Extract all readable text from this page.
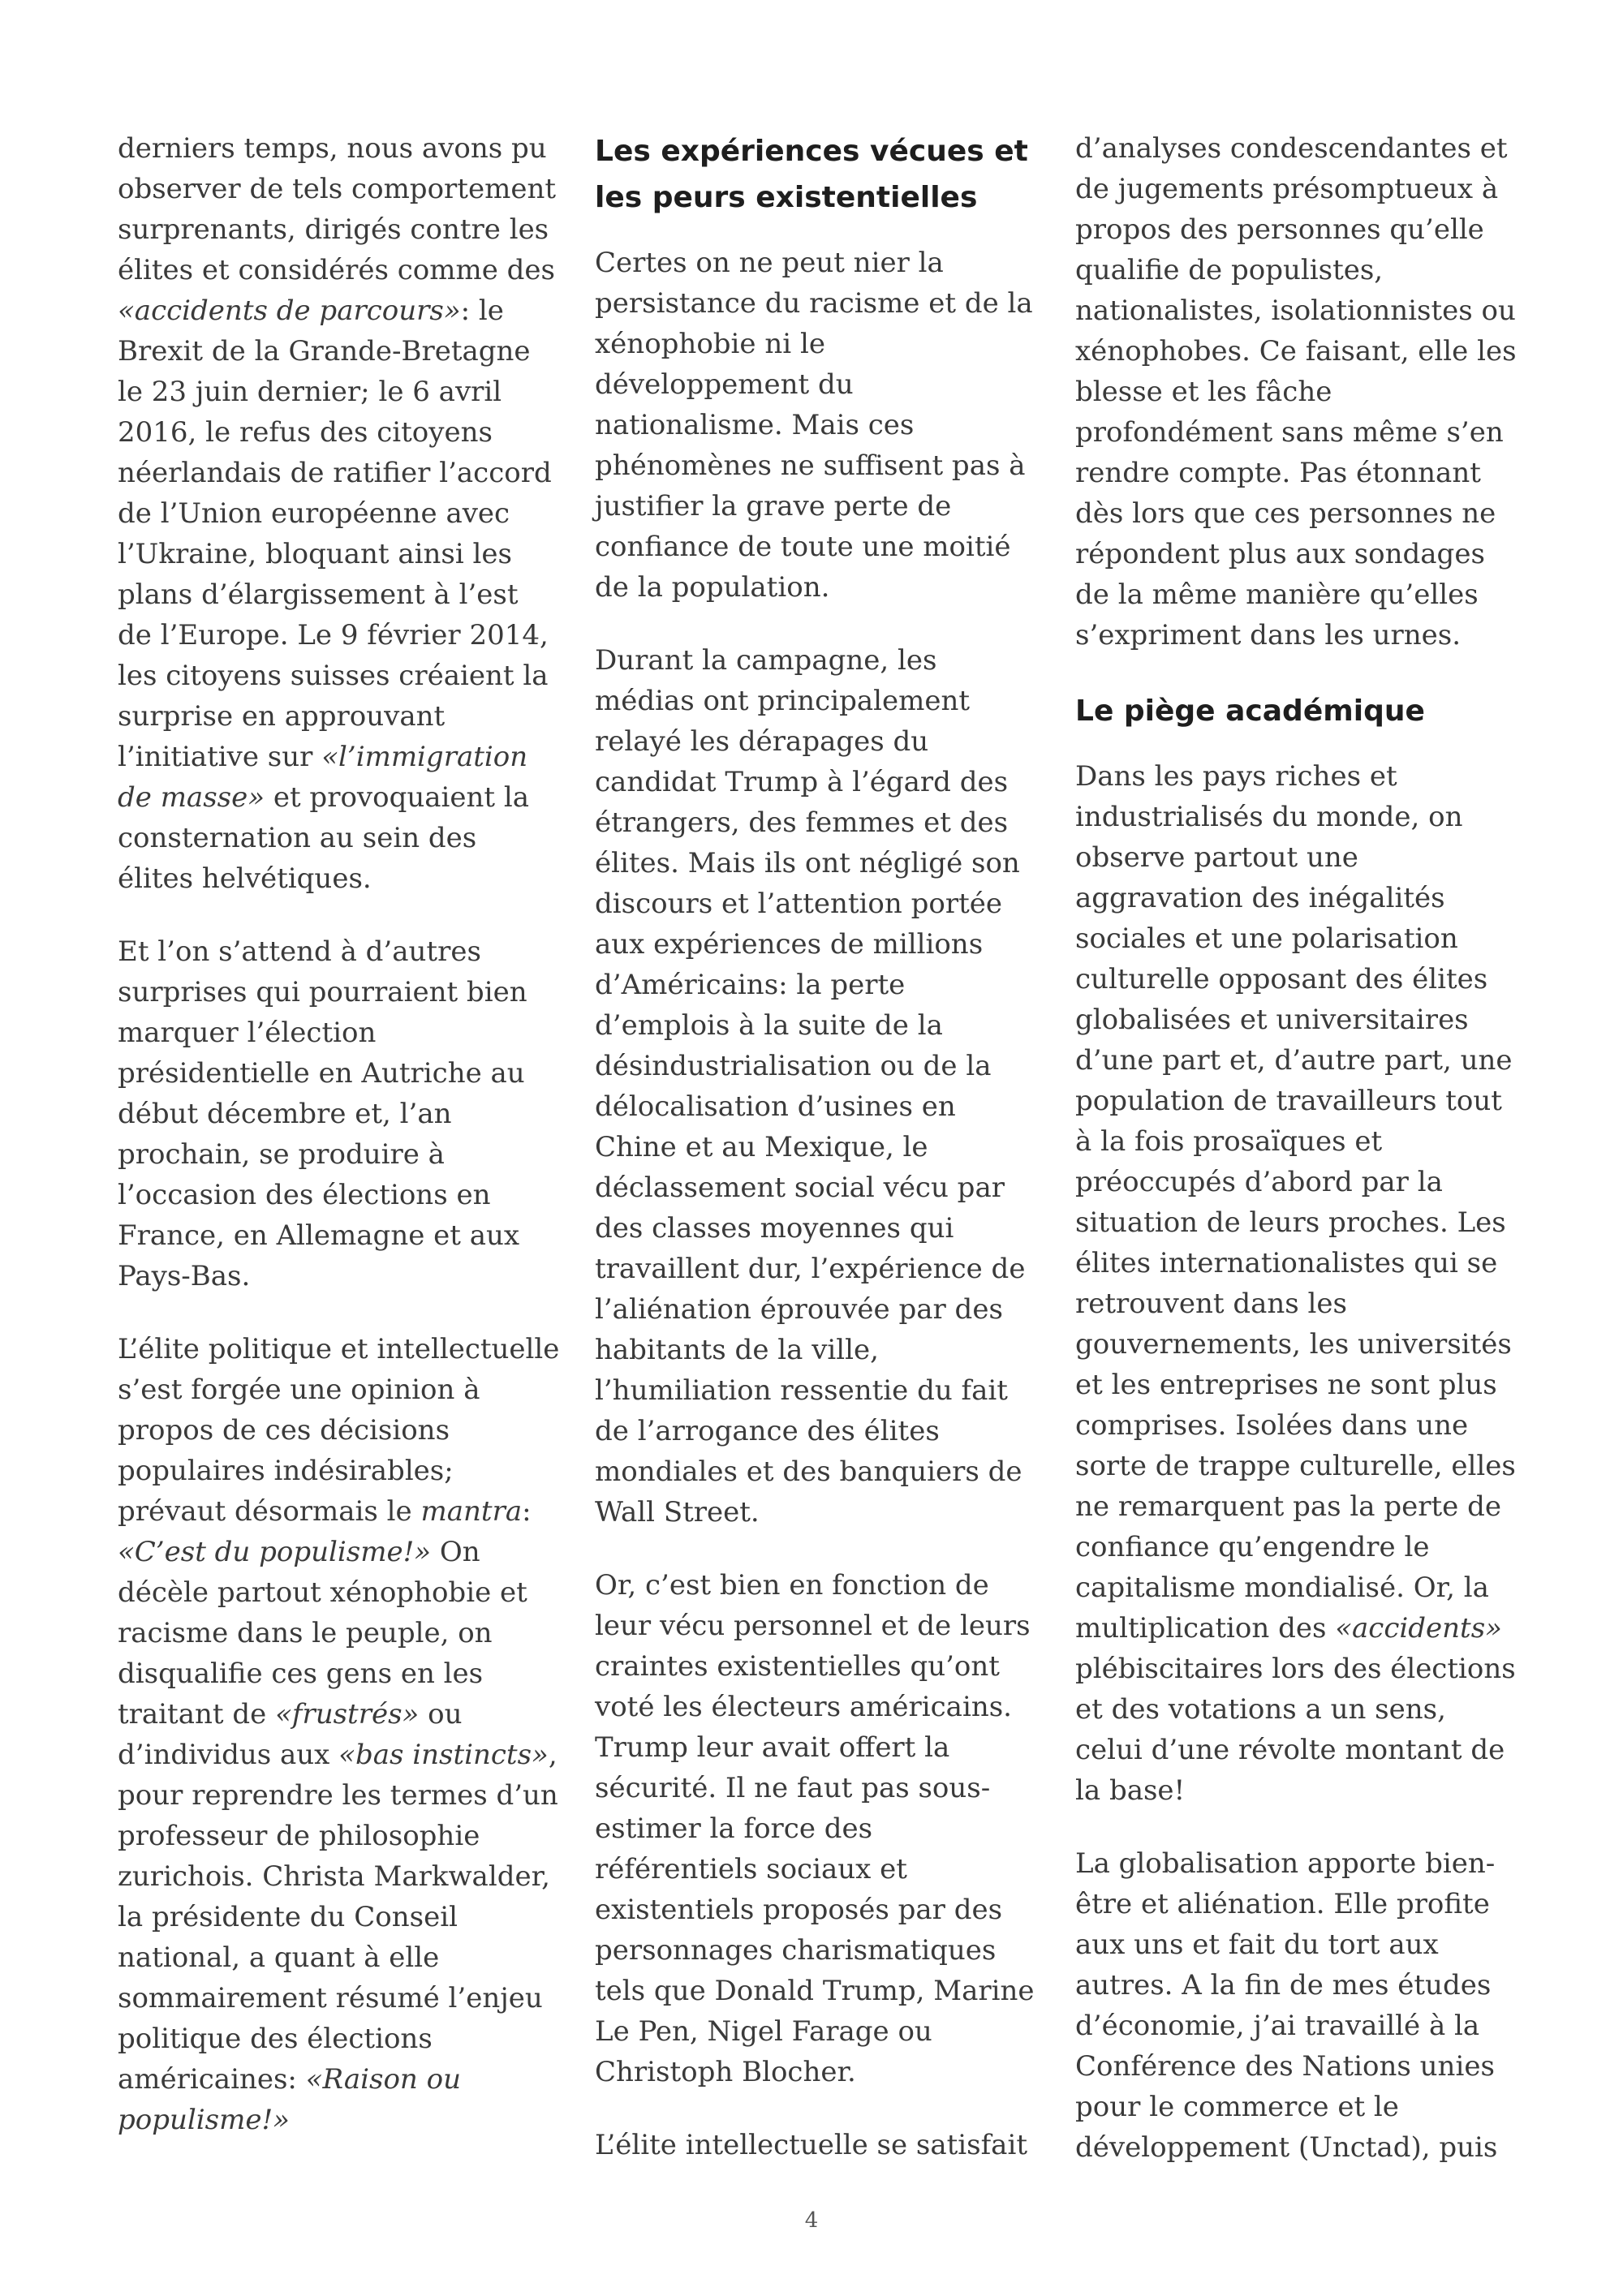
derniers temps, nous avons pu observer de tels comportement surprenants, dirigés contre les élites et considérés comme des «accidents de parcours»: le Brexit de la Grande-Bretagne le 23 juin dernier; le 6 avril 2016, le refus des citoyens néerlandais de ratifier l’accord de l’Union européenne avec l’Ukraine, bloquant ainsi les plans d’élargissement à l’est de l’Europe. Le 9 février 2014, les citoyens suisses créaient la surprise en approuvant l’initiative sur «l’immigration de masse» et provoquaient la consternation au sein des élites helvétiques.

Et l’on s’attend à d’autres surprises qui pourraient bien marquer l’élection présidentielle en Autriche au début décembre et, l’an prochain, se produire à l’occasion des élections en France, en Allemagne et aux Pays-Bas.

L’élite politique et intellectuelle s’est forgée une opinion à propos de ces décisions populaires indésirables; prévaut désormais le mantra: «C’est du populisme!» On décèle partout xénophobie et racisme dans le peuple, on disqualifie ces gens en les traitant de «frustrés» ou d’individus aux «bas instincts», pour reprendre les termes d’un professeur de philosophie zurichois. Christa Markwalder, la présidente du Conseil national, a quant à elle sommairement résumé l’enjeu politique des élections américaines: «Raison ou populisme!»

Les expériences vécues et les peurs existentielles

Certes on ne peut nier la persistance du racisme et de la xénophobie ni le développement du nationalisme. Mais ces phénomènes ne suffisent pas à justifier la grave perte de confiance de toute une moitié de la population.

Durant la campagne, les médias ont principalement relayé les dérapages du candidat Trump à l’égard des étrangers, des femmes et des élites. Mais ils ont négligé son discours et l’attention portée aux expériences de millions d’Américains: la perte d’emplois à la suite de la désindustrialisation ou de la délocalisation d’usines en Chine et au Mexique, le déclassement social vécu par des classes moyennes qui travaillent dur, l’expérience de l’aliénation éprouvée par des habitants de la ville, l’humiliation ressentie du fait de l’arrogance des élites mondiales et des banquiers de Wall Street.

Or, c’est bien en fonction de leur vécu personnel et de leurs craintes existentielles qu’ont voté les électeurs américains. Trump leur avait offert la sécurité. Il ne faut pas sous-estimer la force des référentiels sociaux et existentiels proposés par des personnages charismatiques tels que Donald Trump, Marine Le Pen, Nigel Farage ou Christoph Blocher.

L’élite intellectuelle se satisfait

d’analyses condescendantes et de jugements présomptueux à propos des personnes qu’elle qualifie de populistes, nationalistes, isolationnistes ou xénophobes. Ce faisant, elle les blesse et les fâche profondément sans même s’en rendre compte. Pas étonnant dès lors que ces personnes ne répondent plus aux sondages de la même manière qu’elles s’expriment dans les urnes.

Le piège académique

Dans les pays riches et industrialisés du monde, on observe partout une aggravation des inégalités sociales et une polarisation culturelle opposant des élites globalisées et universitaires d’une part et, d’autre part, une population de travailleurs tout à la fois prosaïques et préoccupés d’abord par la situation de leurs proches. Les élites internationalistes qui se retrouvent dans les gouvernements, les universités et les entreprises ne sont plus comprises. Isolées dans une sorte de trappe culturelle, elles ne remarquent pas la perte de confiance qu’engendre le capitalisme mondialisé. Or, la multiplication des «accidents» plébiscitaires lors des élections et des votations a un sens, celui d’une révolte montant de la base!

La globalisation apporte bien-être et aliénation. Elle profite aux uns et fait du tort aux autres. A la fin de mes études d’économie, j’ai travaillé à la Conférence des Nations unies pour le commerce et le développement (Unctad), puis

4
